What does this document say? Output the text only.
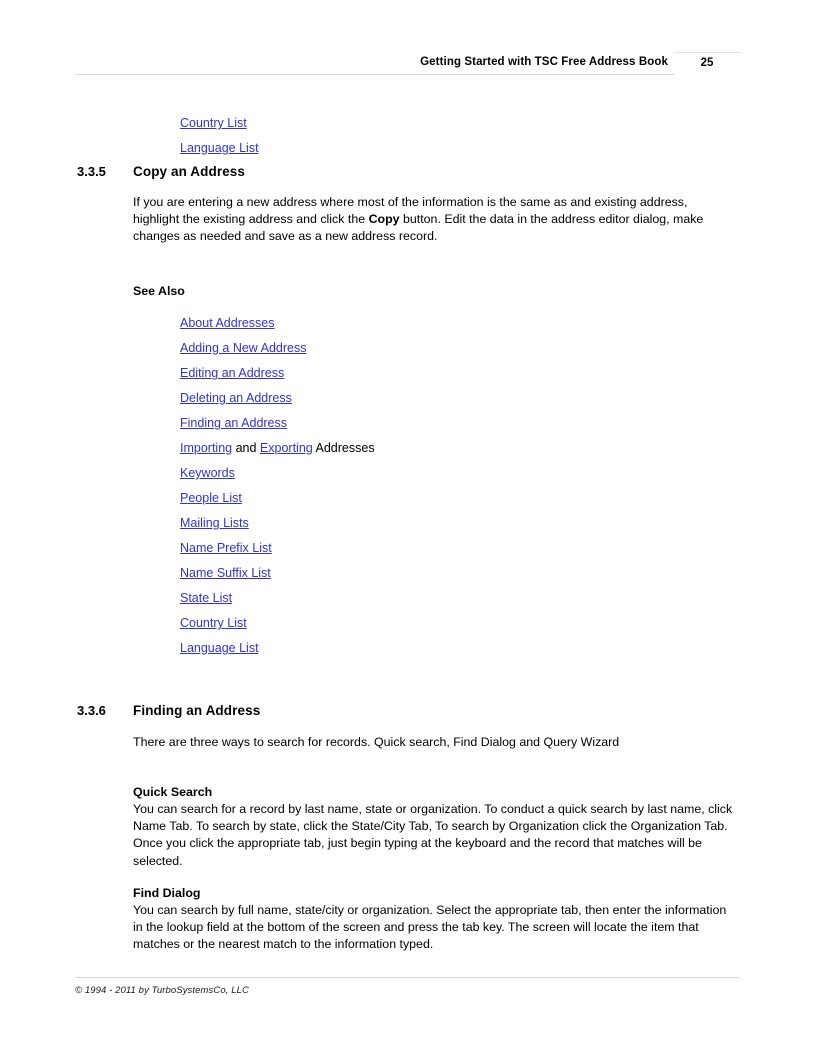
Getting Started with TSC Free Address Book	25
Country List
Language List
3.3.5	Copy an Address
If you are entering a new address where most of the information is the same as and existing address, highlight the existing address and click the Copy button. Edit the data in the address editor dialog, make changes as needed and save as a new address record.
See Also
About Addresses
Adding a New Address
Editing an Address
Deleting an Address
Finding an Address
Importing and Exporting Addresses
Keywords
People List
Mailing Lists
Name Prefix List
Name Suffix List
State List
Country List
Language List
3.3.6	Finding an Address
There are three ways to search for records. Quick search, Find Dialog and Query Wizard
Quick Search
You can search for a record by last name, state or organization. To conduct a quick search by last name, click Name Tab. To search by state, click the State/City Tab, To search by Organization click the Organization Tab. Once you click the appropriate tab, just begin typing at the keyboard and the record that matches will be selected.
Find Dialog
You can search by full name, state/city or organization. Select the appropriate tab, then enter the information in the lookup field at the bottom of the screen and press the tab key. The screen will locate the item that matches or the nearest match to the information typed.
© 1994 - 2011 by TurboSystemsCo, LLC
